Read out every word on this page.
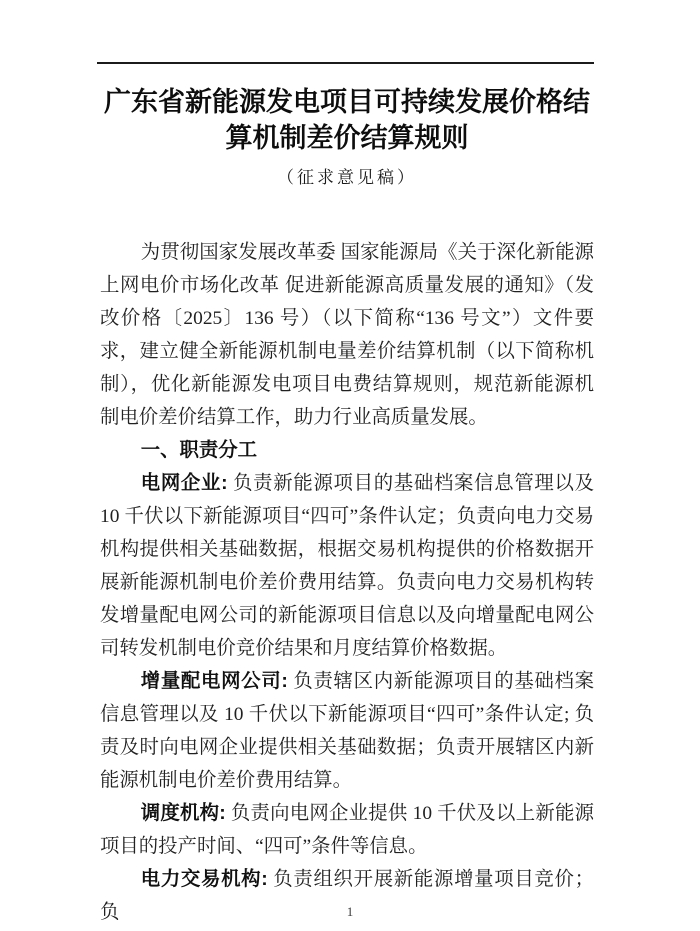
广东省新能源发电项目可持续发展价格结算机制差价结算规则
（征求意见稿）

为贯彻国家发展改革委 国家能源局《关于深化新能源上网电价市场化改革 促进新能源高质量发展的通知》（发改价格〔2025〕136 号）（以下简称“136 号文”）文件要求，建立健全新能源机制电量差价结算机制（以下简称机制），优化新能源发电项目电费结算规则，规范新能源机制电价差价结算工作，助力行业高质量发展。

一、职责分工

电网企业: 负责新能源项目的基础档案信息管理以及 10 千伏以下新能源项目“四可”条件认定；负责向电力交易机构提供相关基础数据，根据交易机构提供的价格数据开展新能源机制电价差价费用结算。负责向电力交易机构转发增量配电网公司的新能源项目信息以及向增量配电网公司转发机制电价竞价结果和月度结算价格数据。

增量配电网公司: 负责辖区内新能源项目的基础档案信息管理以及 10 千伏以下新能源项目“四可”条件认定; 负责及时向电网企业提供相关基础数据；负责开展辖区内新能源机制电价差价费用结算。

调度机构: 负责向电网企业提供 10 千伏及以上新能源项目的投产时间、“四可”条件等信息。

电力交易机构: 负责组织开展新能源增量项目竞价；负	1
